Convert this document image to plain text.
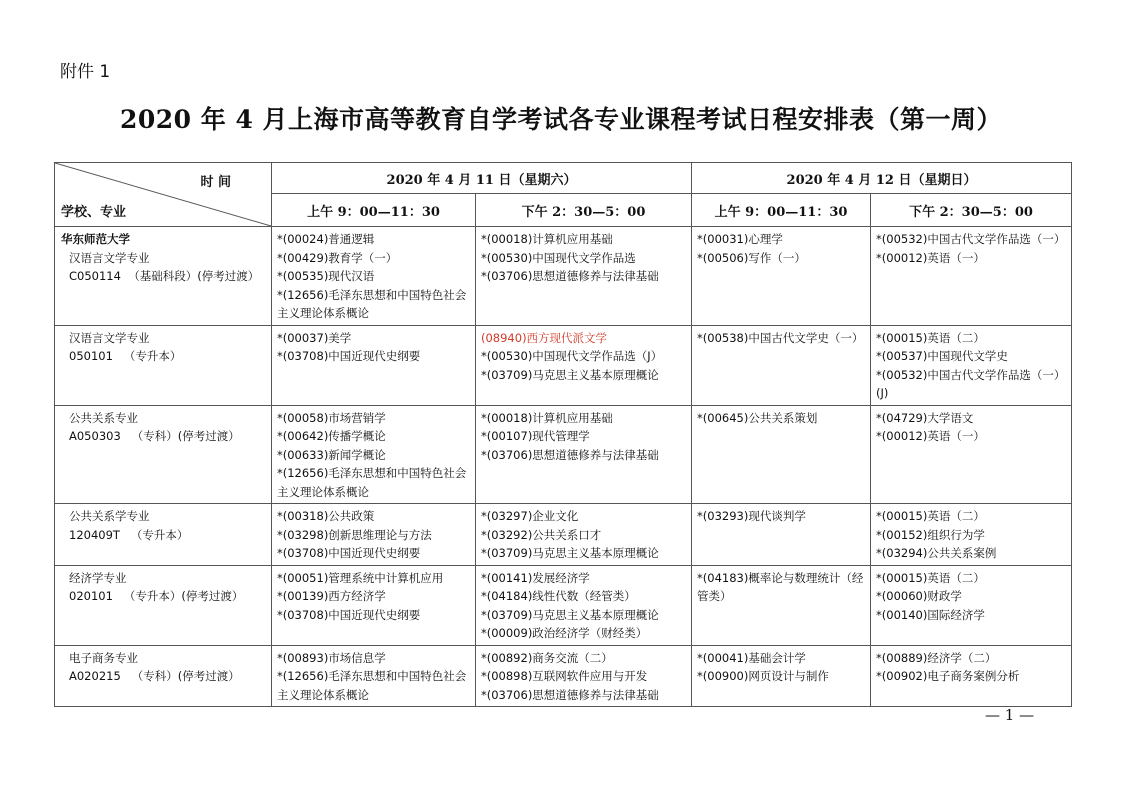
附件 1
2020 年 4 月上海市高等教育自学考试各专业课程考试日程安排表（第一周）
时 间
学校、专业	2020 年 4 月 11 日（星期六）		2020 年 4 月 12 日（星期日）	
	上午 9：00—11：30	下午 2：30—5：00	上午 9：00—11：30	下午 2：30—5：00

华东师范大学
汉语言文学专业
C050114  （基础科段）(停考过渡）	*(00024)普通逻辑
*(00429)教育学（一）
*(00535)现代汉语
*(12656)毛泽东思想和中国特色社会主义理论体系概论	*(00018)计算机应用基础
*(00530)中国现代文学作品选
*(03706)思想道德修养与法律基础	*(00031)心理学
*(00506)写作（一）	*(00532)中国古代文学作品选（一）
*(00012)英语（一）

汉语言文学专业
050101   （专升本）	*(00037)美学
*(03708)中国近现代史纲要	(08940)西方现代派文学
*(00530)中国现代文学作品选（J）
*(03709)马克思主义基本原理概论	*(00538)中国古代文学史（一）	*(00015)英语（二）
*(00537)中国现代文学史
*(00532)中国古代文学作品选（一）(J)

公共关系专业
A050303   （专科）(停考过渡）	*(00058)市场营销学
*(00642)传播学概论
*(00633)新闻学概论
*(12656)毛泽东思想和中国特色社会主义理论体系概论	*(00018)计算机应用基础
*(00107)现代管理学
*(03706)思想道德修养与法律基础	*(00645)公共关系策划	*(04729)大学语文
*(00012)英语（一）

公共关系学专业
120409T   （专升本）	*(00318)公共政策
*(03298)创新思维理论与方法
*(03708)中国近现代史纲要	*(03297)企业文化
*(03292)公共关系口才
*(03709)马克思主义基本原理概论	*(03293)现代谈判学	*(00015)英语（二）
*(00152)组织行为学
*(03294)公共关系案例

经济学专业
020101   （专升本）(停考过渡）	*(00051)管理系统中计算机应用
*(00139)西方经济学
*(03708)中国近现代史纲要	*(00141)发展经济学
*(04184)线性代数（经管类）
*(03709)马克思主义基本原理概论
*(00009)政治经济学（财经类）	*(04183)概率论与数理统计（经管类）	*(00015)英语（二）
*(00060)财政学
*(00140)国际经济学

电子商务专业
A020215   （专科）(停考过渡）	*(00893)市场信息学
*(12656)毛泽东思想和中国特色社会主义理论体系概论	*(00892)商务交流（二）
*(00898)互联网软件应用与开发
*(03706)思想道德修养与法律基础	*(00041)基础会计学
*(00900)网页设计与制作	*(00889)经济学（二）
*(00902)电子商务案例分析
— 1 —
